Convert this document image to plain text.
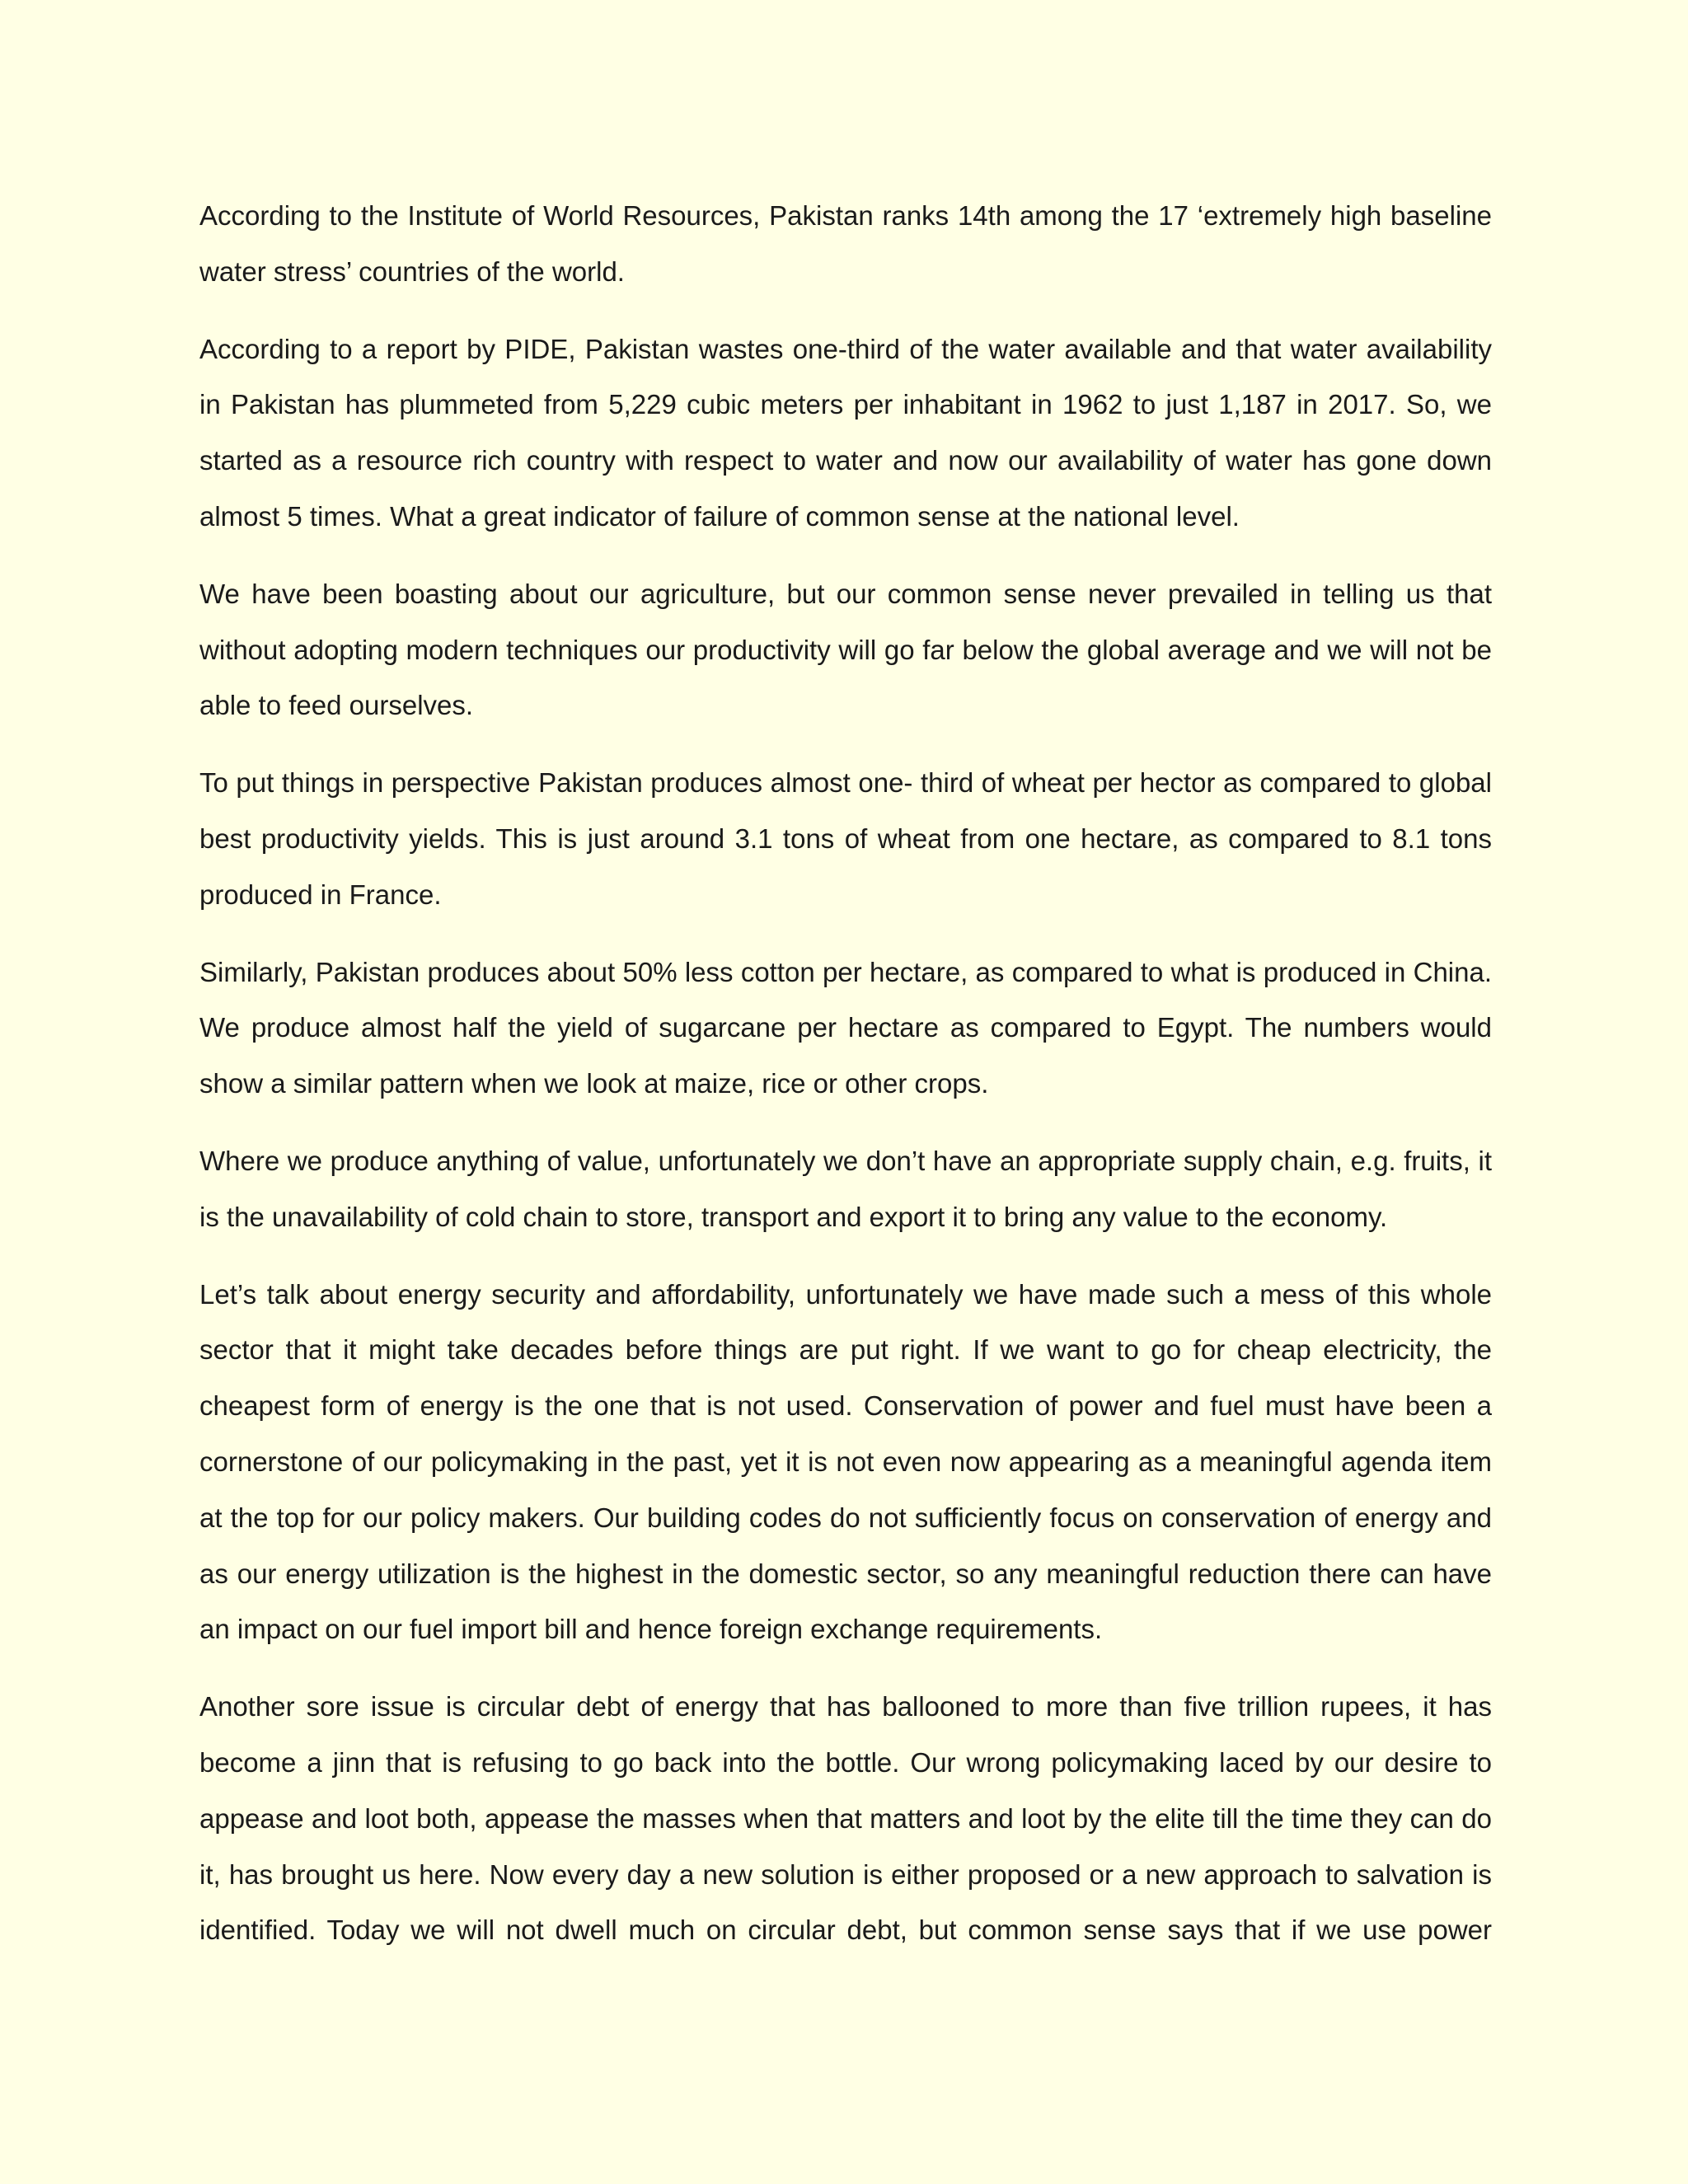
According to the Institute of World Resources, Pakistan ranks 14th among the 17 ‘extremely high baseline water stress’ countries of the world.

According to a report by PIDE, Pakistan wastes one-third of the water available and that water availability in Pakistan has plummeted from 5,229 cubic meters per inhabitant in 1962 to just 1,187 in 2017. So, we started as a resource rich country with respect to water and now our availability of water has gone down almost 5 times. What a great indicator of failure of common sense at the national level.

We have been boasting about our agriculture, but our common sense never prevailed in telling us that without adopting modern techniques our productivity will go far below the global average and we will not be able to feed ourselves.

To put things in perspective Pakistan produces almost one- third of wheat per hector as compared to global best productivity yields. This is just around 3.1 tons of wheat from one hectare, as compared to 8.1 tons produced in France.

Similarly, Pakistan produces about 50% less cotton per hectare, as compared to what is produced in China. We produce almost half the yield of sugarcane per hectare as compared to Egypt. The numbers would show a similar pattern when we look at maize, rice or other crops.

Where we produce anything of value, unfortunately we don’t have an appropriate supply chain, e.g. fruits, it is the unavailability of cold chain to store, transport and export it to bring any value to the economy.

Let’s talk about energy security and affordability, unfortunately we have made such a mess of this whole sector that it might take decades before things are put right. If we want to go for cheap electricity, the cheapest form of energy is the one that is not used. Conservation of power and fuel must have been a cornerstone of our policymaking in the past, yet it is not even now appearing as a meaningful agenda item at the top for our policy makers. Our building codes do not sufficiently focus on conservation of energy and as our energy utilization is the highest in the domestic sector, so any meaningful reduction there can have an impact on our fuel import bill and hence foreign exchange requirements.

Another sore issue is circular debt of energy that has ballooned to more than five trillion rupees, it has become a jinn that is refusing to go back into the bottle. Our wrong policymaking laced by our desire to appease and loot both, appease the masses when that matters and loot by the elite till the time they can do it, has brought us here. Now every day a new solution is either proposed or a new approach to salvation is identified. Today we will not dwell much on circular debt, but common sense says that if we use power
